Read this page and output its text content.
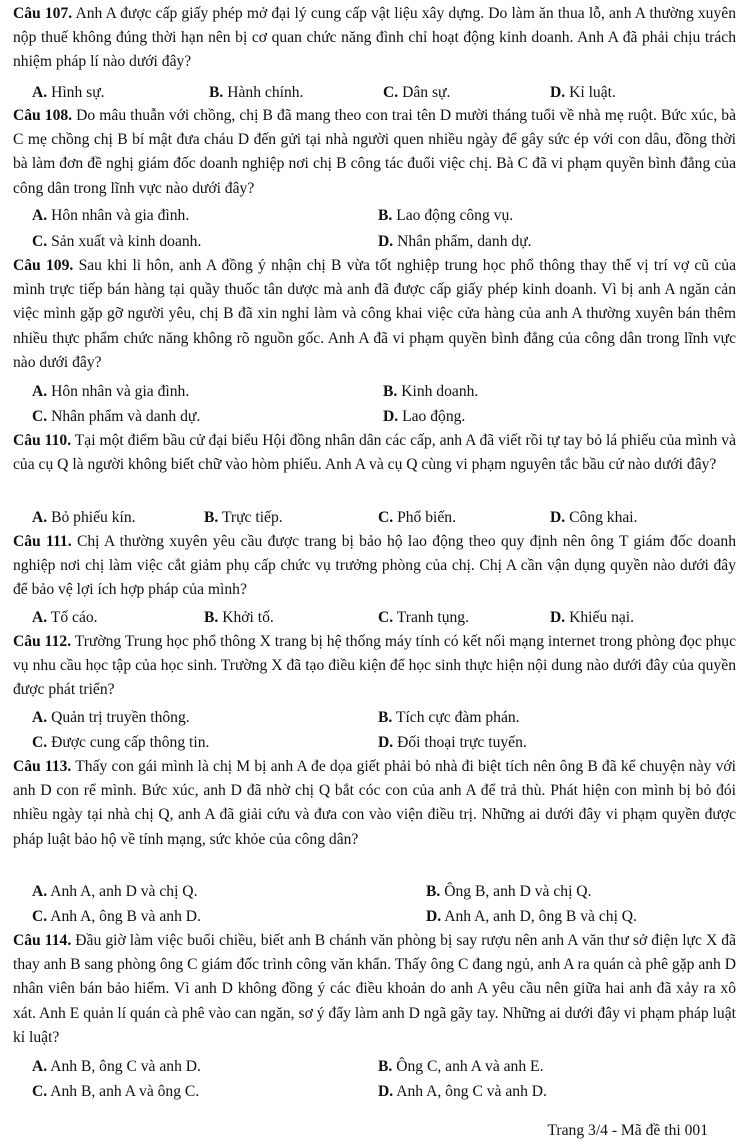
Câu 107. Anh A được cấp giấy phép mở đại lý cung cấp vật liệu xây dựng. Do làm ăn thua lỗ, anh A thường xuyên nộp thuế không đúng thời hạn nên bị cơ quan chức năng đình chỉ hoạt động kinh doanh. Anh A đã phải chịu trách nhiệm pháp lí nào dưới đây?
A. Hình sự.	B. Hành chính.	C. Dân sự.	D. Kỉ luật.
Câu 108. Do mâu thuẫn với chồng, chị B đã mang theo con trai tên D mười tháng tuổi về nhà mẹ ruột. Bức xúc, bà C mẹ chồng chị B bí mật đưa cháu D đến gửi tại nhà người quen nhiều ngày để gây sức ép với con dâu, đồng thời bà làm đơn đề nghị giám đốc doanh nghiệp nơi chị B công tác đuổi việc chị. Bà C đã vi phạm quyền bình đẳng của công dân trong lĩnh vực nào dưới đây?
A. Hôn nhân và gia đình.	B. Lao động công vụ.
C. Sản xuất và kinh doanh.	D. Nhân phẩm, danh dự.
Câu 109. Sau khi li hôn, anh A đồng ý nhận chị B vừa tốt nghiệp trung học phổ thông thay thế vị trí vợ cũ của mình trực tiếp bán hàng tại quầy thuốc tân dược mà anh đã được cấp giấy phép kinh doanh. Vì bị anh A ngăn cản việc mình gặp gỡ người yêu, chị B đã xin nghỉ làm và công khai việc cửa hàng của anh A thường xuyên bán thêm nhiều thực phẩm chức năng không rõ nguồn gốc. Anh A đã vi phạm quyền bình đẳng của công dân trong lĩnh vực nào dưới đây?
A. Hôn nhân và gia đình.	B. Kinh doanh.
C. Nhân phẩm và danh dự.	D. Lao động.
Câu 110. Tại một điểm bầu cử đại biểu Hội đồng nhân dân các cấp, anh A đã viết rồi tự tay bỏ lá phiếu của mình và của cụ Q là người không biết chữ vào hòm phiếu. Anh A và cụ Q cùng vi phạm nguyên tắc bầu cử nào dưới đây?
A. Bỏ phiếu kín.	B. Trực tiếp.	C. Phổ biến.	D. Công khai.
Câu 111. Chị A thường xuyên yêu cầu được trang bị bảo hộ lao động theo quy định nên ông T giám đốc doanh nghiệp nơi chị làm việc cắt giảm phụ cấp chức vụ trưởng phòng của chị. Chị A cần vận dụng quyền nào dưới đây để bảo vệ lợi ích hợp pháp của mình?
A. Tố cáo.	B. Khởi tố.	C. Tranh tụng.	D. Khiếu nại.
Câu 112. Trường Trung học phổ thông X trang bị hệ thống máy tính có kết nối mạng internet trong phòng đọc phục vụ nhu cầu học tập của học sinh. Trường X đã tạo điều kiện để học sinh thực hiện nội dung nào dưới đây của quyền được phát triển?
A. Quản trị truyền thông.	B. Tích cực đàm phán.
C. Được cung cấp thông tin.	D. Đối thoại trực tuyến.
Câu 113. Thấy con gái mình là chị M bị anh A đe dọa giết phải bỏ nhà đi biệt tích nên ông B đã kể chuyện này với anh D con rể mình. Bức xúc, anh D đã nhờ chị Q bắt cóc con của anh A để trả thù. Phát hiện con mình bị bỏ đói nhiều ngày tại nhà chị Q, anh A đã giải cứu và đưa con vào viện điều trị. Những ai dưới đây vi phạm quyền được pháp luật bảo hộ về tính mạng, sức khỏe của công dân?
A. Anh A, anh D và chị Q.	B. Ông B, anh D và chị Q.
C. Anh A, ông B và anh D.	D. Anh A, anh D, ông B và chị Q.
Câu 114. Đầu giờ làm việc buổi chiều, biết anh B chánh văn phòng bị say rượu nên anh A văn thư sở điện lực X đã thay anh B sang phòng ông C giám đốc trình công văn khẩn. Thấy ông C đang ngủ, anh A ra quán cà phê gặp anh D nhân viên bán bảo hiểm. Vì anh D không đồng ý các điều khoản do anh A yêu cầu nên giữa hai anh đã xảy ra xô xát. Anh E quản lí quán cà phê vào can ngăn, sơ ý đẩy làm anh D ngã gãy tay. Những ai dưới đây vi phạm pháp luật kỉ luật?
A. Anh B, ông C và anh D.	B. Ông C, anh A và anh E.
C. Anh B, anh A và ông C.	D. Anh A, ông C và anh D.
Trang 3/4 - Mã đề thi 001
